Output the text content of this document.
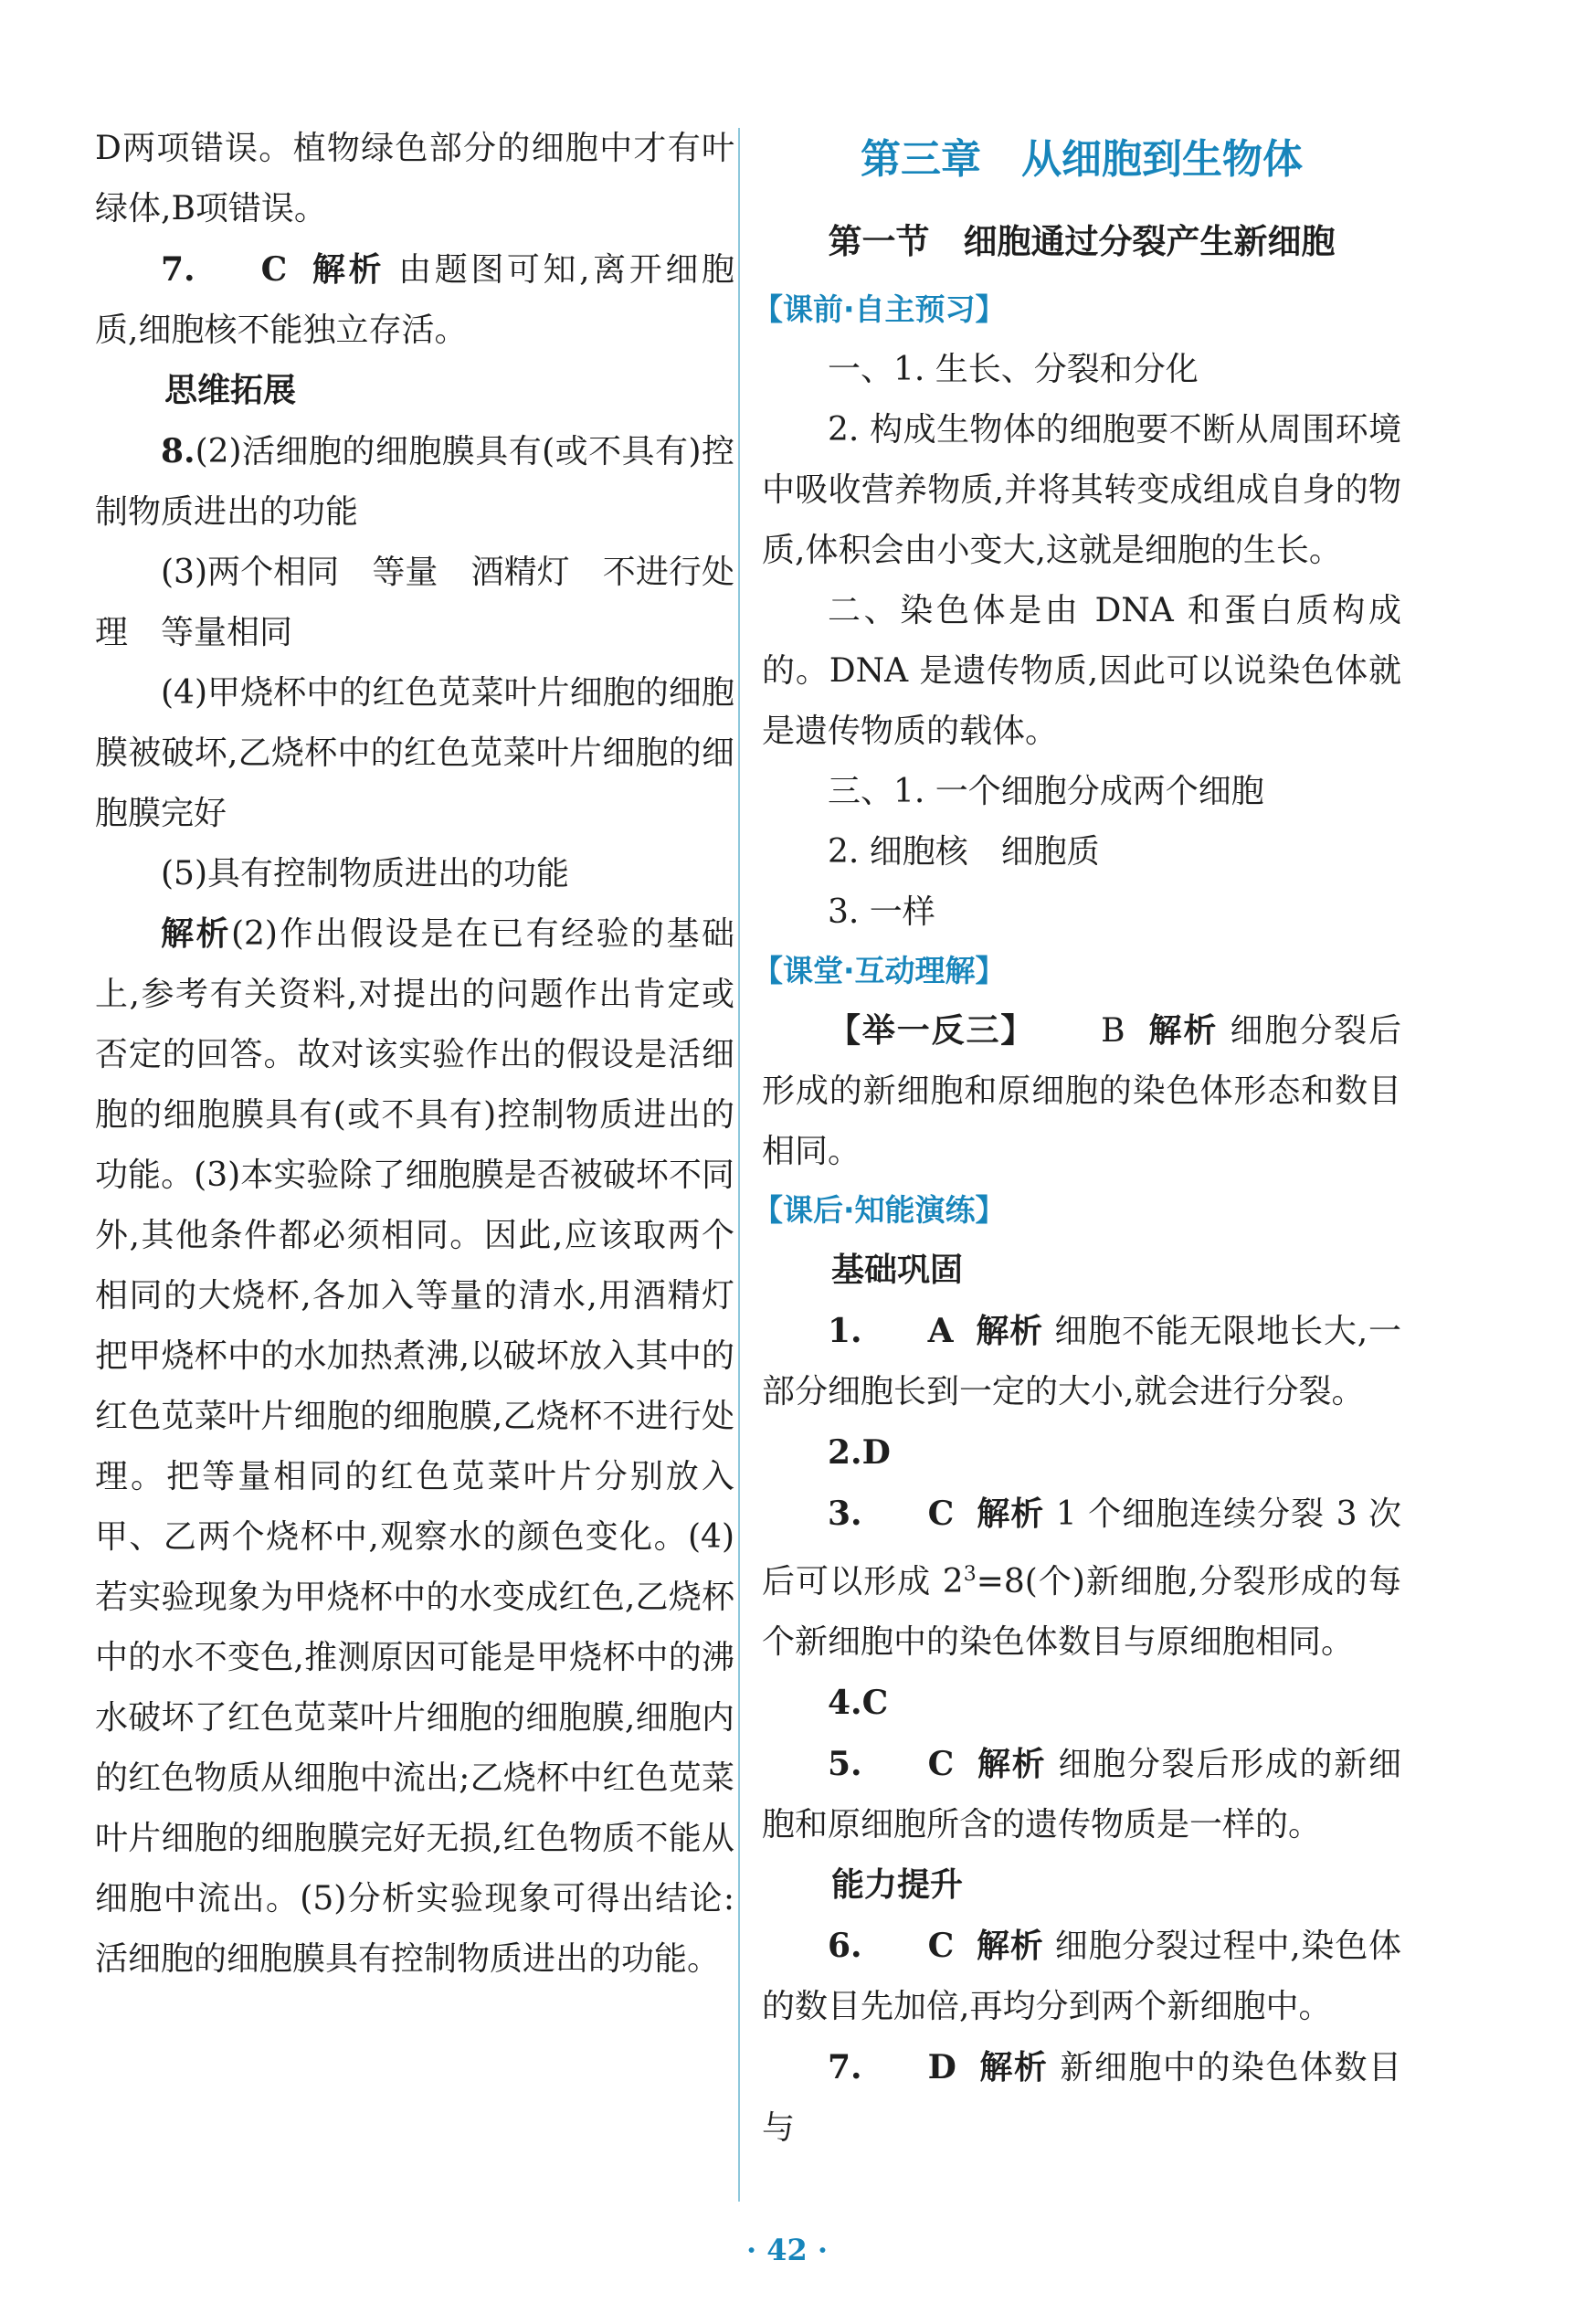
D两项错误。植物绿色部分的细胞中才有叶绿体,B项错误。

7. C 解析 由题图可知,离开细胞质,细胞核不能独立存活。

思维拓展

8.(2)活细胞的细胞膜具有(或不具有)控制物质进出的功能

(3)两个相同　等量　酒精灯　不进行处理　等量相同

(4)甲烧杯中的红色苋菜叶片细胞的细胞膜被破坏,乙烧杯中的红色苋菜叶片细胞的细胞膜完好

(5)具有控制物质进出的功能

解析(2)作出假设是在已有经验的基础上,参考有关资料,对提出的问题作出肯定或否定的回答。故对该实验作出的假设是活细胞的细胞膜具有(或不具有)控制物质进出的功能。(3)本实验除了细胞膜是否被破坏不同外,其他条件都必须相同。因此,应该取两个相同的大烧杯,各加入等量的清水,用酒精灯把甲烧杯中的水加热煮沸,以破坏放入其中的红色苋菜叶片细胞的细胞膜,乙烧杯不进行处理。把等量相同的红色苋菜叶片分别放入甲、乙两个烧杯中,观察水的颜色变化。(4)若实验现象为甲烧杯中的水变成红色,乙烧杯中的水不变色,推测原因可能是甲烧杯中的沸水破坏了红色苋菜叶片细胞的细胞膜,细胞内的红色物质从细胞中流出;乙烧杯中红色苋菜叶片细胞的细胞膜完好无损,红色物质不能从细胞中流出。(5)分析实验现象可得出结论:活细胞的细胞膜具有控制物质进出的功能。

第三章　从细胞到生物体
第一节　细胞通过分裂产生新细胞
【课前·自主预习】

一、1. 生长、分裂和分化

2. 构成生物体的细胞要不断从周围环境中吸收营养物质,并将其转变成组成自身的物质,体积会由小变大,这就是细胞的生长。

二、染色体是由 DNA 和蛋白质构成的。DNA 是遗传物质,因此可以说染色体就是遗传物质的载体。

三、1. 一个细胞分成两个细胞

2. 细胞核　细胞质

3. 一样

【课堂·互动理解】

【举一反三】 B 解析 细胞分裂后形成的新细胞和原细胞的染色体形态和数目相同。

【课后·知能演练】
基础巩固

1. A 解析 细胞不能无限地长大,一部分细胞长到一定的大小,就会进行分裂。

2.D

3. C 解析 1 个细胞连续分裂 3 次后可以形成 $2^3=8$(个)新细胞,分裂形成的每个新细胞中的染色体数目与原细胞相同。

4.C

5. C 解析 细胞分裂后形成的新细胞和原细胞所含的遗传物质是一样的。

能力提升

6. C 解析 细胞分裂过程中,染色体的数目先加倍,再均分到两个新细胞中。

7. D 解析 新细胞中的染色体数目与

· 42 ·
